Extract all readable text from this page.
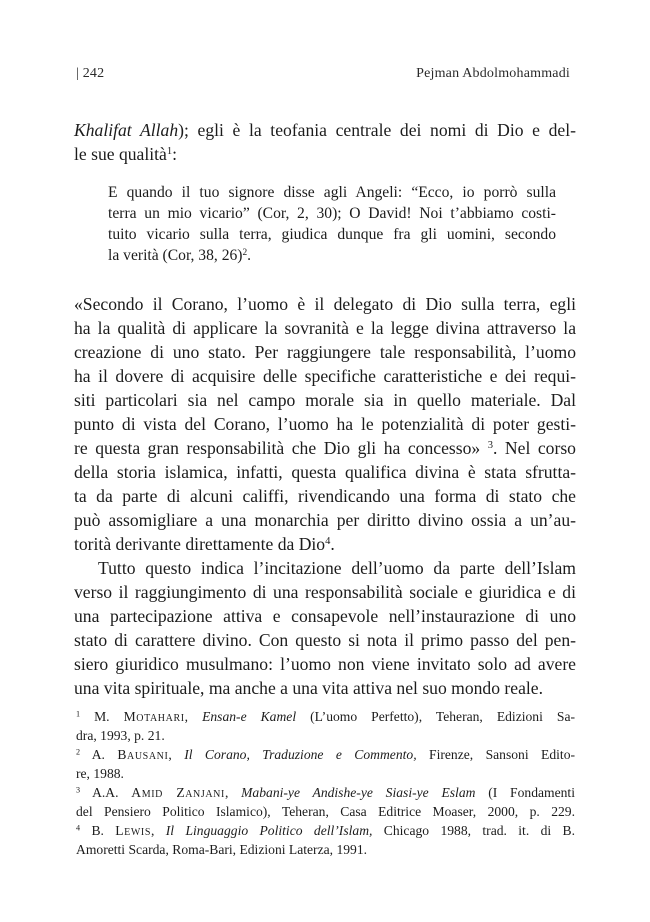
| 242	Pejman Abdolmohammadi
Khalifat Allah); egli è la teofania centrale dei nomi di Dio e del-
le sue qualità$^1$:
E quando il tuo signore disse agli Angeli: “Ecco, io porrò sulla
terra un mio vicario” (Cor, 2, 30); O David! Noi t’abbiamo costi-
tuito vicario sulla terra, giudica dunque fra gli uomini, secondo
la verità (Cor, 38, 26)$^2$.
«Secondo il Corano, l’uomo è il delegato di Dio sulla terra, egli
ha la qualità di applicare la sovranità e la legge divina attraverso la
creazione di uno stato. Per raggiungere tale responsabilità, l’uomo
ha il dovere di acquisire delle specifiche caratteristiche e dei requi-
siti particolari sia nel campo morale sia in quello materiale. Dal
punto di vista del Corano, l’uomo ha le potenzialità di poter gesti-
re questa gran responsabilità che Dio gli ha concesso» $^3$. Nel corso
della storia islamica, infatti, questa qualifica divina è stata sfrutta-
ta da parte di alcuni califfi, rivendicando una forma di stato che
può assomigliare a una monarchia per diritto divino ossia a un’au-
torità derivante direttamente da Dio$^4$.
Tutto questo indica l’incitazione dell’uomo da parte dell’Islam
verso il raggiungimento di una responsabilità sociale e giuridica e di
una partecipazione attiva e consapevole nell’instaurazione di uno
stato di carattere divino. Con questo si nota il primo passo del pen-
siero giuridico musulmano: l’uomo non viene invitato solo ad avere
una vita spirituale, ma anche a una vita attiva nel suo mondo reale.
$^1$ M. Motahari, Ensan-e Kamel (L’uomo Perfetto), Teheran, Edizioni Sa-
dra, 1993, p. 21.
$^2$ A. Bausani, Il Corano, Traduzione e Commento, Firenze, Sansoni Edito-
re, 1988.
$^3$ A.A. Amid Zanjani, Mabani-ye Andishe-ye Siasi-ye Eslam (I Fondamenti
del Pensiero Politico Islamico), Teheran, Casa Editrice Moaser, 2000, p. 229.
$^4$ B. Lewis, Il Linguaggio Politico dell’Islam, Chicago 1988, trad. it. di B.
Amoretti Scarda, Roma-Bari, Edizioni Laterza, 1991.
